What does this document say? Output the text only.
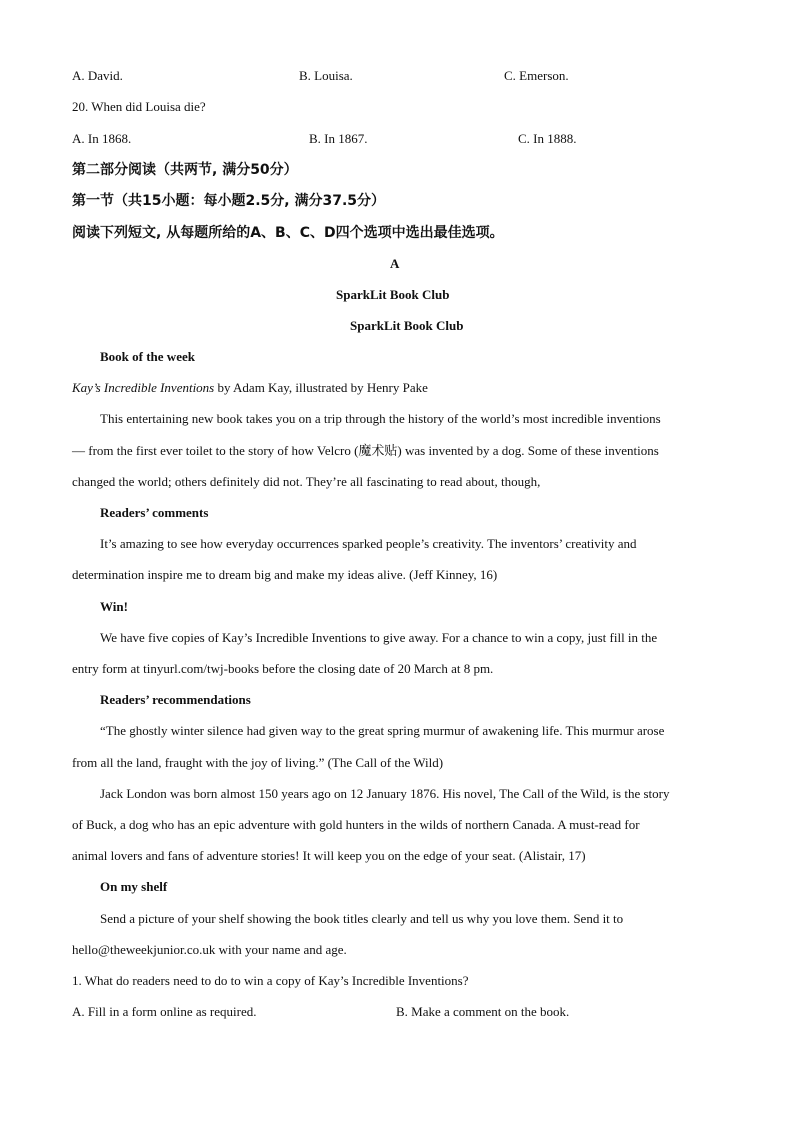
A. David.	B. Louisa.	C. Emerson.
20. When did Louisa die?
A. In 1868.	B. In 1867.	C. In 1888.
第二部分阅读（共两节, 满分50分）
第一节（共15小题：每小题2.5分, 满分37.5分）
阅读下列短文, 从每题所给的A、B、C、D四个选项中选出最佳选项。
A
SparkLit Book Club
SparkLit Book Club
Book of the week
Kay’s Incredible Inventions by Adam Kay, illustrated by Henry Pake
This entertaining new book takes you on a trip through the history of the world’s most incredible inventions
— from the first ever toilet to the story of how Velcro (魔术贴) was invented by a dog. Some of these inventions
changed the world; others definitely did not. They’re all fascinating to read about, though,
Readers’ comments
It’s amazing to see how everyday occurrences sparked people’s creativity. The inventors’ creativity and
determination inspire me to dream big and make my ideas alive. (Jeff Kinney, 16)
Win!
We have five copies of Kay’s Incredible Inventions to give away. For a chance to win a copy, just fill in the
entry form at tinyurl.com/twj-books before the closing date of 20 March at 8 pm.
Readers’ recommendations
“The ghostly winter silence had given way to the great spring murmur of awakening life. This murmur arose
from all the land, fraught with the joy of living.” (The Call of the Wild)
Jack London was born almost 150 years ago on 12 January 1876. His novel, The Call of the Wild, is the story
of Buck, a dog who has an epic adventure with gold hunters in the wilds of northern Canada. A must-read for
animal lovers and fans of adventure stories! It will keep you on the edge of your seat. (Alistair, 17)
On my shelf
Send a picture of your shelf showing the book titles clearly and tell us why you love them. Send it to
hello@theweekjunior.co.uk with your name and age.
1. What do readers need to do to win a copy of Kay’s Incredible Inventions?
A. Fill in a form online as required.	B. Make a comment on the book.
